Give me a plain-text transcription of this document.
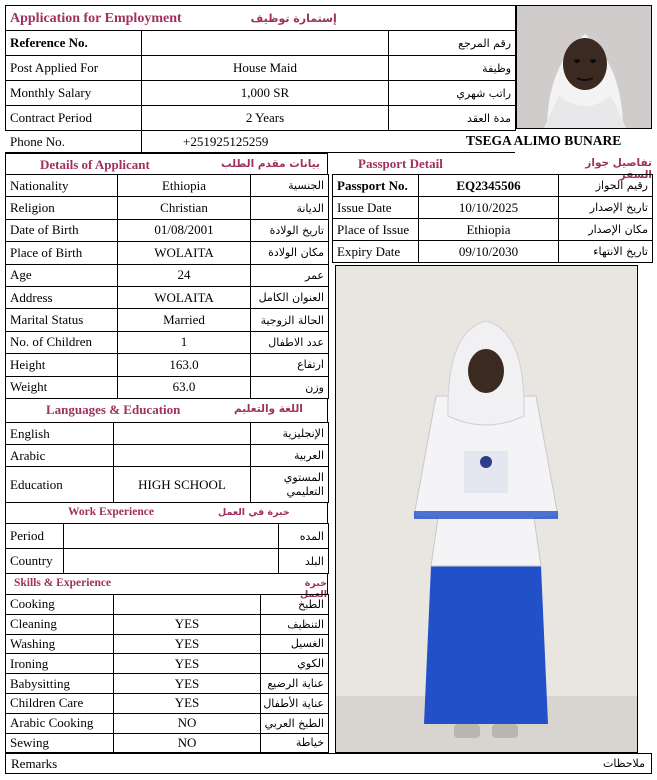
Application for Employment إستمارة توظيف		

Reference No.		رقم المرجع
Post Applied For	House Maid	وظيفة
Monthly Salary	1,000 SR	راتب شهري
Contract Period	2 Years	مدة العقد
Phone No.	+251925125259	TSEGA ALIMO BUNARE
Details of Applicant	بيانات مقدم الطلب
Nationality	Ethiopia	الجنسية
Religion	Christian	الديانة
Date of Birth	01/08/2001	تاريخ الولادة
Place of Birth	WOLAITA	مكان الولادة
Age	24	عمر
Address	WOLAITA	العنوان الكامل
Marital Status	Married	الحالة الزوجية
No. of Children	1	عدد الاطفال
Height	163.0	ارتفاع
Weight	63.0	وزن
Passport Detail	تفاصيل جواز السفر
Passport No.	EQ2345506	رقيم الجواز
Issue Date	10/10/2025	تاريخ الإصدار
Place of Issue	Ethiopia	مكان الإصدار
Expiry Date	09/10/2030	تاريخ الانتهاء
Languages & Education	اللغة والتعليم
English		الإنجليزية
Arabic		العربية
Education	HIGH SCHOOL	المستوي التعليمي
Work Experience	خبرة في العمل
Period		المده
Country		البلد
Skills & Experience	خبرة العمل
Cooking		الطبخ
Cleaning	YES	التنظيف
Washing	YES	الغسيل
Ironing	YES	الكوي
Babysitting	YES	عناية الرضيع
Children Care	YES	عناية الأطفال
Arabic Cooking	NO	الطبخ العربي
Sewing	NO	خياطة
Remarks	ملاحظات
